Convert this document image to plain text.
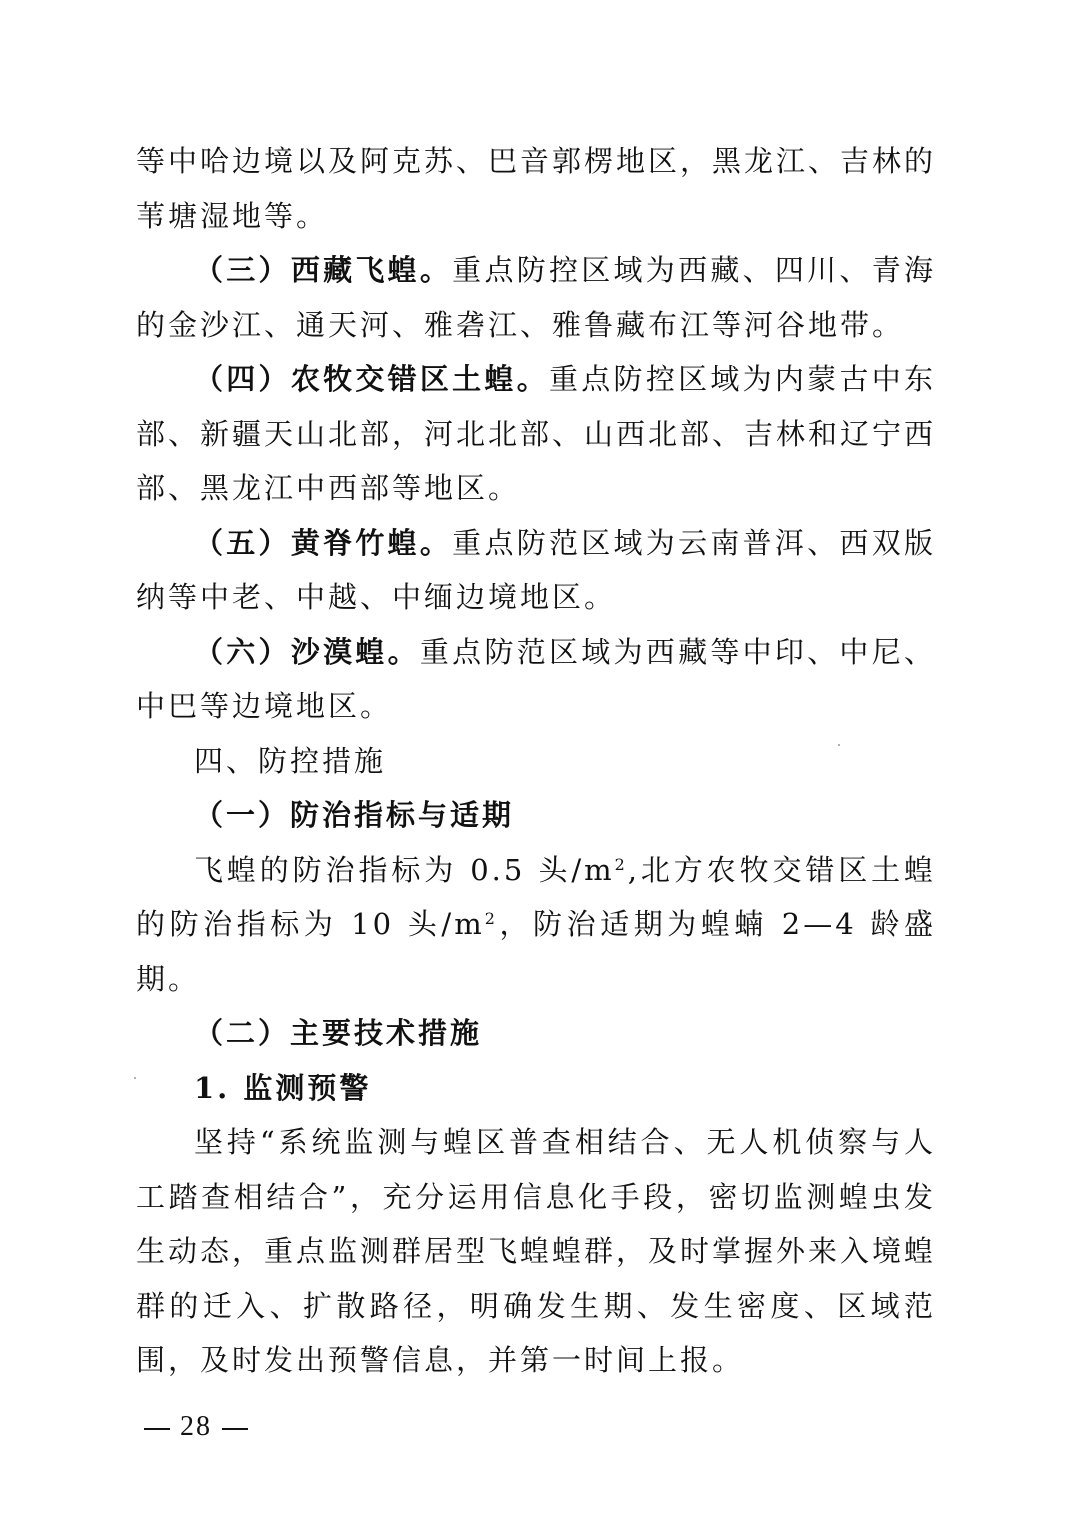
等中哈边境以及阿克苏、巴音郭楞地区，黑龙江、吉林的苇塘湿地等。

（三）西藏飞蝗。重点防控区域为西藏、四川、青海的金沙江、通天河、雅砻江、雅鲁藏布江等河谷地带。

（四）农牧交错区土蝗。重点防控区域为内蒙古中东部、新疆天山北部，河北北部、山西北部、吉林和辽宁西部、黑龙江中西部等地区。

（五）黄脊竹蝗。重点防范区域为云南普洱、西双版纳等中老、中越、中缅边境地区。

（六）沙漠蝗。重点防范区域为西藏等中印、中尼、中巴等边境地区。

四、防控措施

（一）防治指标与适期

飞蝗的防治指标为 0.5 头$/m^2$,北方农牧交错区土蝗的防治指标为 10 头$/m^2$，防治适期为蝗蝻 2—4 龄盛期。

（二）主要技术措施

1. 监测预警

坚持“系统监测与蝗区普查相结合、无人机侦察与人工踏查相结合”，充分运用信息化手段，密切监测蝗虫发生动态，重点监测群居型飞蝗蝗群，及时掌握外来入境蝗群的迁入、扩散路径，明确发生期、发生密度、区域范围，及时发出预警信息，并第一时间上报。

28
